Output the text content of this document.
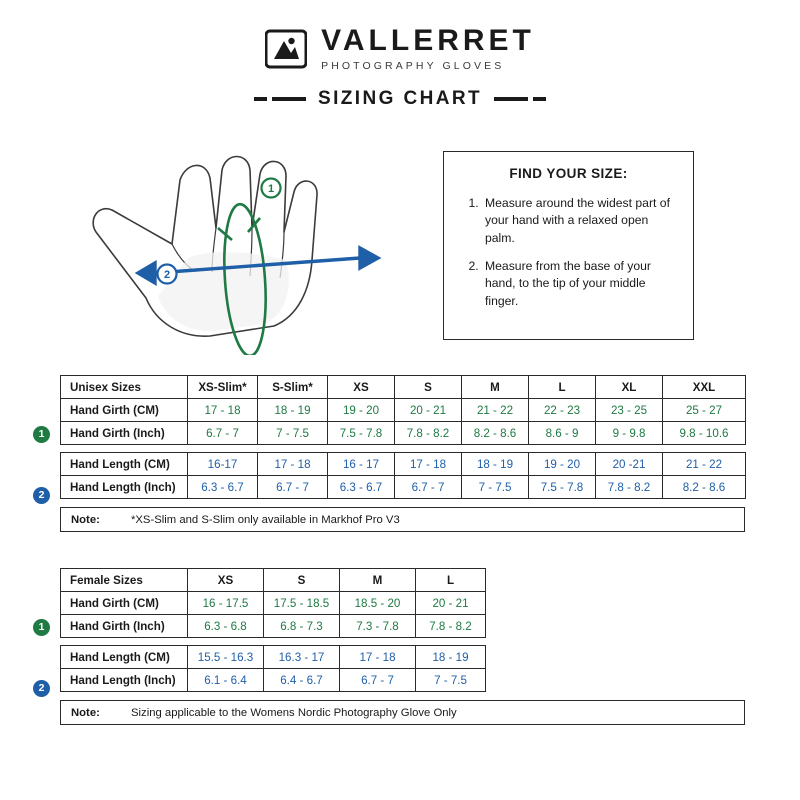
VALLERRET
PHOTOGRAPHY GLOVES
SIZING CHART
1
2
FIND YOUR SIZE:
1. Measure around the widest part of your hand with a relaxed open palm.
2. Measure from the base of your hand, to the tip of your middle finger.
Unisex Sizes	XS-Slim*	S-Slim*	XS	S	M	L	XL	XXL
Hand Girth (CM)	17 - 18	18 - 19	19 - 20	20 - 21	21 - 22	22 - 23	23 - 25	25 - 27
Hand Girth (Inch)	6.7 - 7	7 - 7.5	7.5 - 7.8	7.8 - 8.2	8.2 - 8.6	8.6 - 9	9 - 9.8	9.8 - 10.6

Hand Length (CM)	16-17	17 - 18	16 - 17	17 - 18	18 - 19	19 - 20	20 -21	21 - 22
Hand Length (Inch)	6.3 - 6.7	6.7 - 7	6.3 - 6.7	6.7 - 7	7 - 7.5	7.5 - 7.8	7.8 - 8.2	8.2 - 8.6
Note:	*XS-Slim and S-Slim only available in Markhof Pro V3
1
2
Female Sizes	XS	S	M	L
Hand Girth (CM)	16 - 17.5	17.5 - 18.5	18.5 - 20	20 - 21
Hand Girth (Inch)	6.3 - 6.8	6.8 - 7.3	7.3 - 7.8	7.8 - 8.2

Hand Length (CM)	15.5 - 16.3	16.3 - 17	17 - 18	18 - 19
Hand Length (Inch)	6.1 - 6.4	6.4 - 6.7	6.7 - 7	7 - 7.5
Note:	Sizing applicable to the Womens Nordic Photography Glove Only
1
2
